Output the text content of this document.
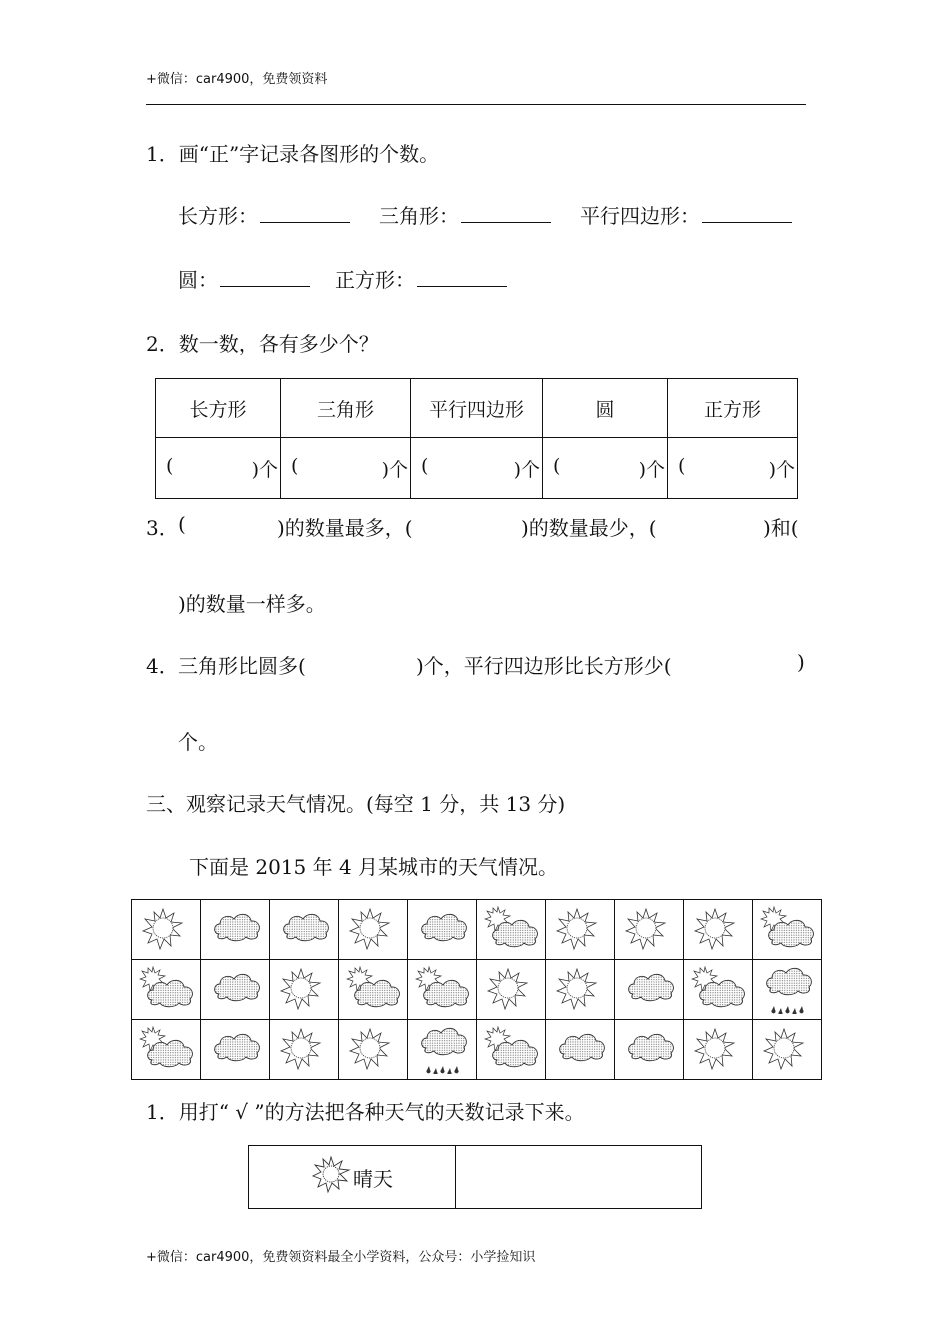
+微信：car4900，免费领资料
1．画“正”字记录各图形的个数。
长方形：	三角形：	平行四边形：
圆：	正方形：
2．数一数，各有多少个？
长方形	三角形	平行四边形	圆	正方形

( )个	( )个	( )个	( )个	( )个
3． (	)的数量最多，(	)的数量最少，(	)和(
)的数量一样多。
4． 三角形比圆多(	)个，平行四边形比长方形少(	)
个。
三、观察记录天气情况。(每空 1 分，共 13 分)
下面是 2015 年 4 月某城市的天气情况。

1．用打“ √ ”的方法把各种天气的天数记录下来。
晴天

+微信：car4900，免费领资料最全小学资料，公众号：小学捡知识
